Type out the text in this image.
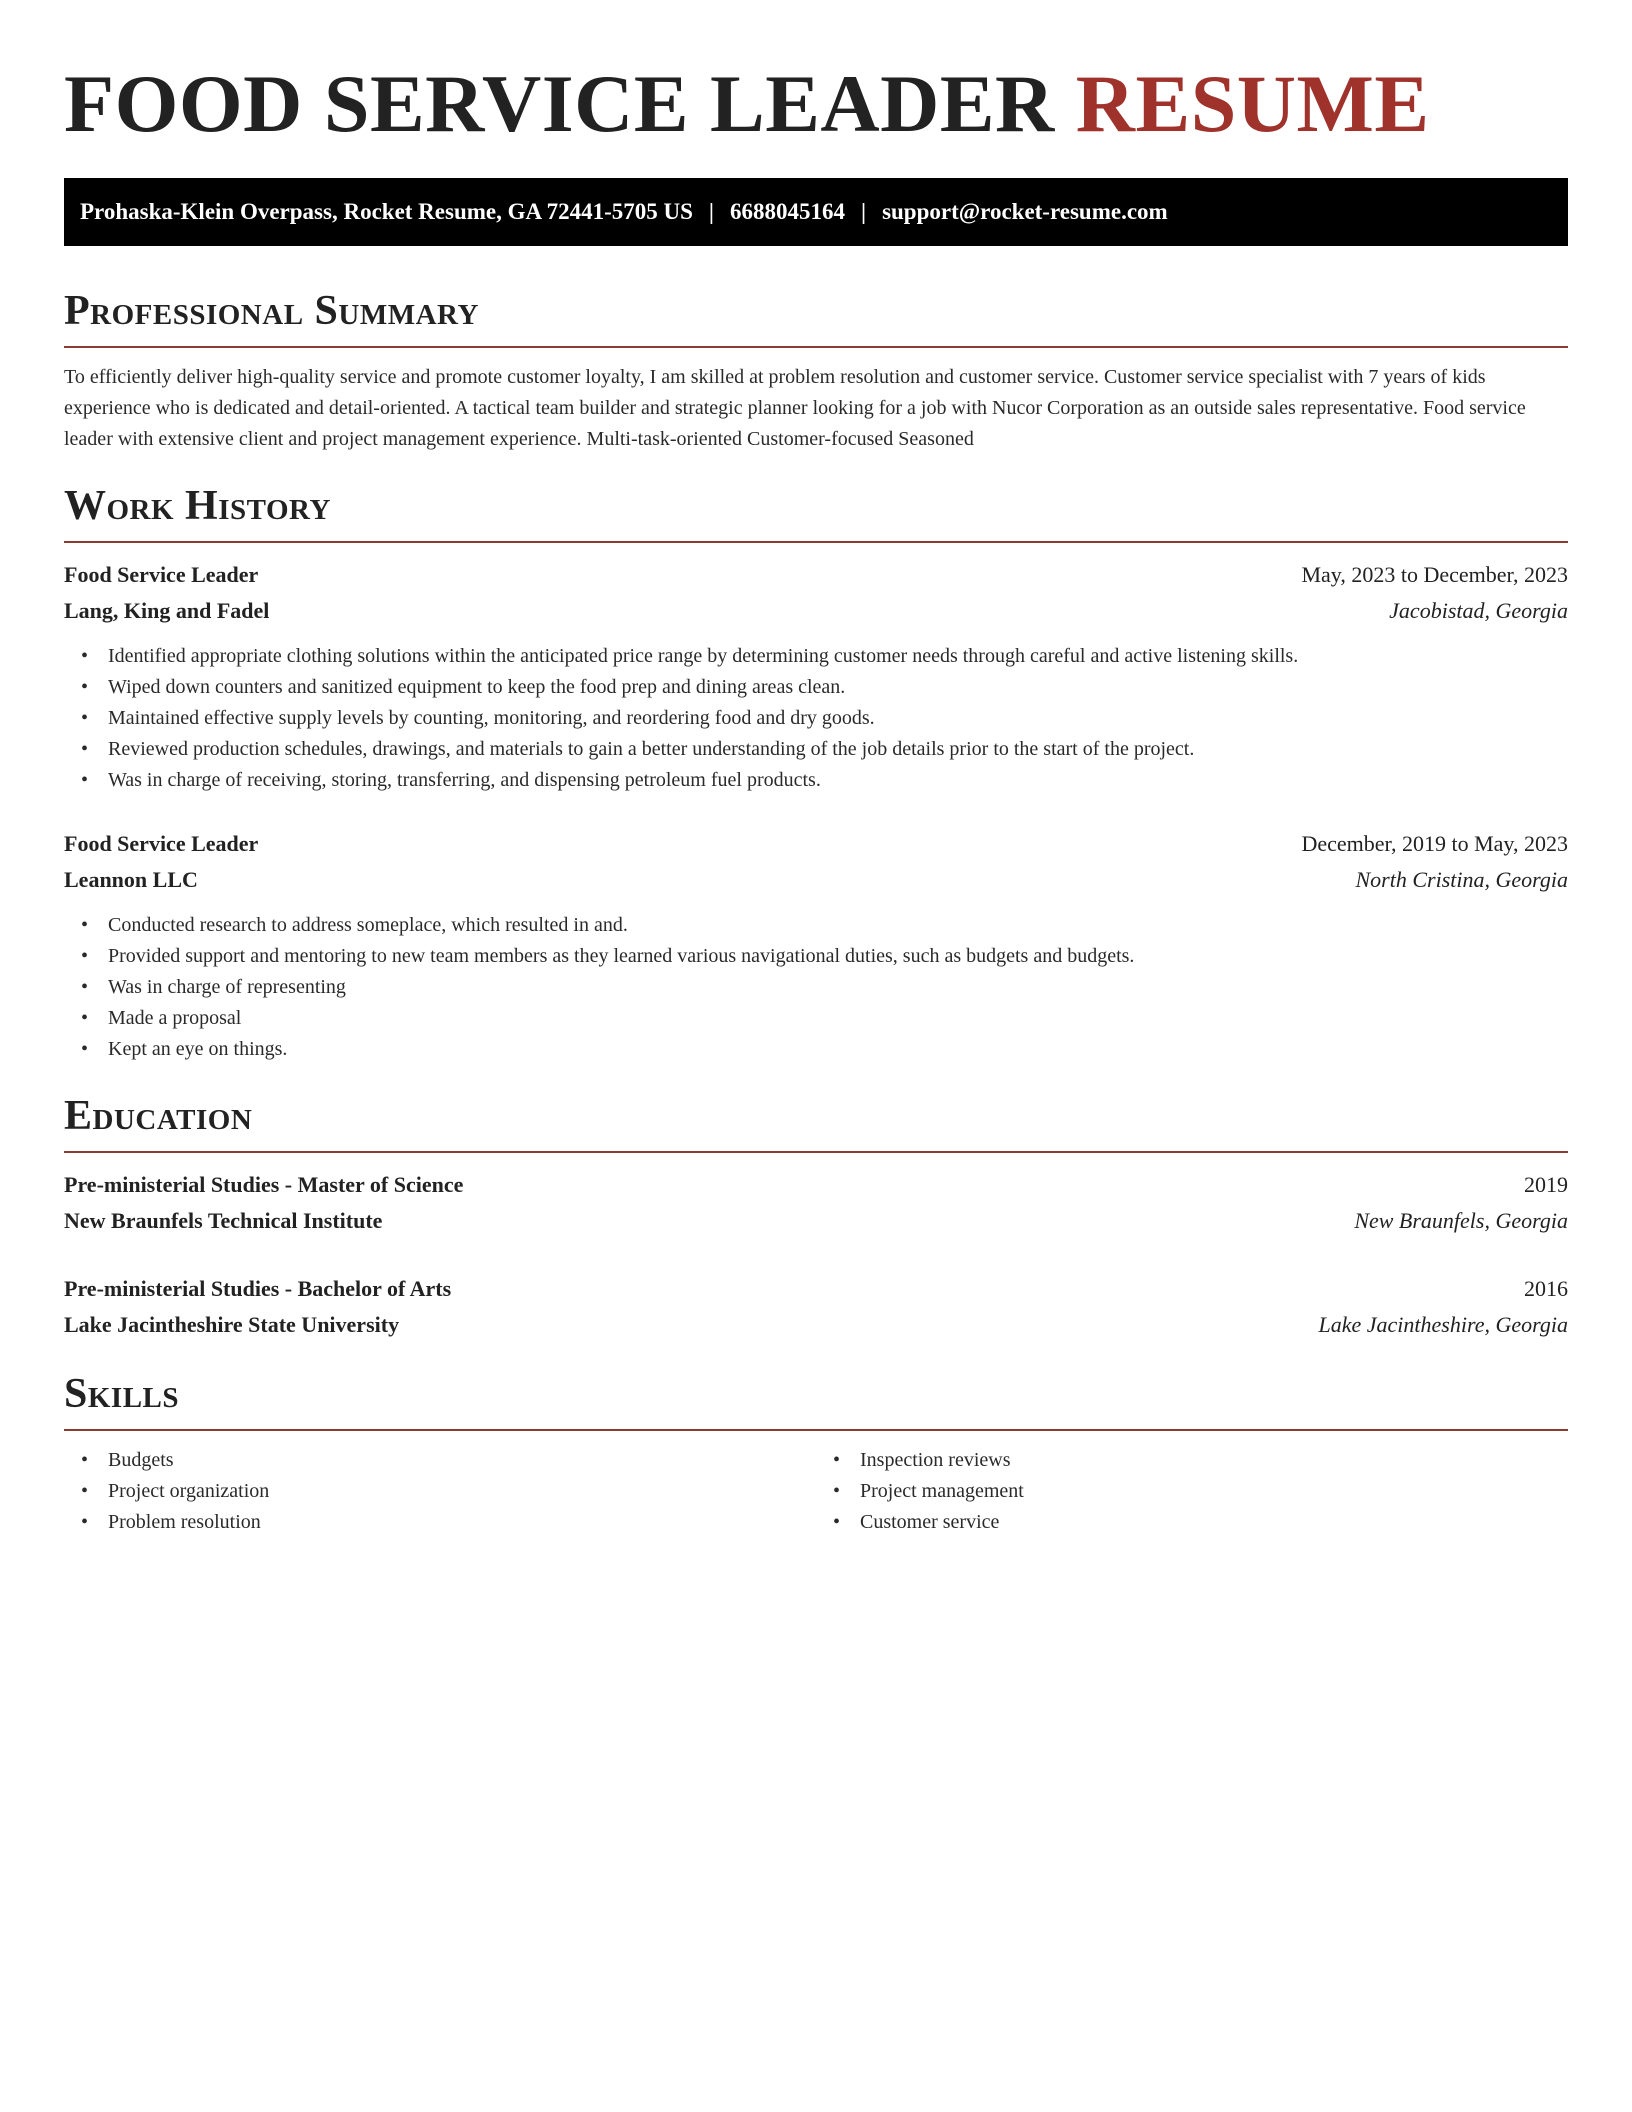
FOOD SERVICE LEADER RESUME
Prohaska-Klein Overpass, Rocket Resume, GA 72441-5705 US | 6688045164 | support@rocket-resume.com
Professional Summary

To efficiently deliver high-quality service and promote customer loyalty, I am skilled at problem resolution and customer service. Customer service specialist with 7 years of kids experience who is dedicated and detail-oriented. A tactical team builder and strategic planner looking for a job with Nucor Corporation as an outside sales representative. Food service leader with extensive client and project management experience. Multi-task-oriented Customer-focused Seasoned

Work History
Food Service Leader	May, 2023 to December, 2023
Lang, King and Fadel	Jacobistad, Georgia
• Identified appropriate clothing solutions within the anticipated price range by determining customer needs through careful and active listening skills.
• Wiped down counters and sanitized equipment to keep the food prep and dining areas clean.
• Maintained effective supply levels by counting, monitoring, and reordering food and dry goods.
• Reviewed production schedules, drawings, and materials to gain a better understanding of the job details prior to the start of the project.
• Was in charge of receiving, storing, transferring, and dispensing petroleum fuel products.
Food Service Leader	December, 2019 to May, 2023
Leannon LLC	North Cristina, Georgia
• Conducted research to address someplace, which resulted in and.
• Provided support and mentoring to new team members as they learned various navigational duties, such as budgets and budgets.
• Was in charge of representing
• Made a proposal
• Kept an eye on things.
Education
Pre-ministerial Studies - Master of Science	2019
New Braunfels Technical Institute	New Braunfels, Georgia
Pre-ministerial Studies - Bachelor of Arts	2016
Lake Jacintheshire State University	Lake Jacintheshire, Georgia
Skills
• Budgets
• Project organization
• Problem resolution
• Inspection reviews
• Project management
• Customer service
